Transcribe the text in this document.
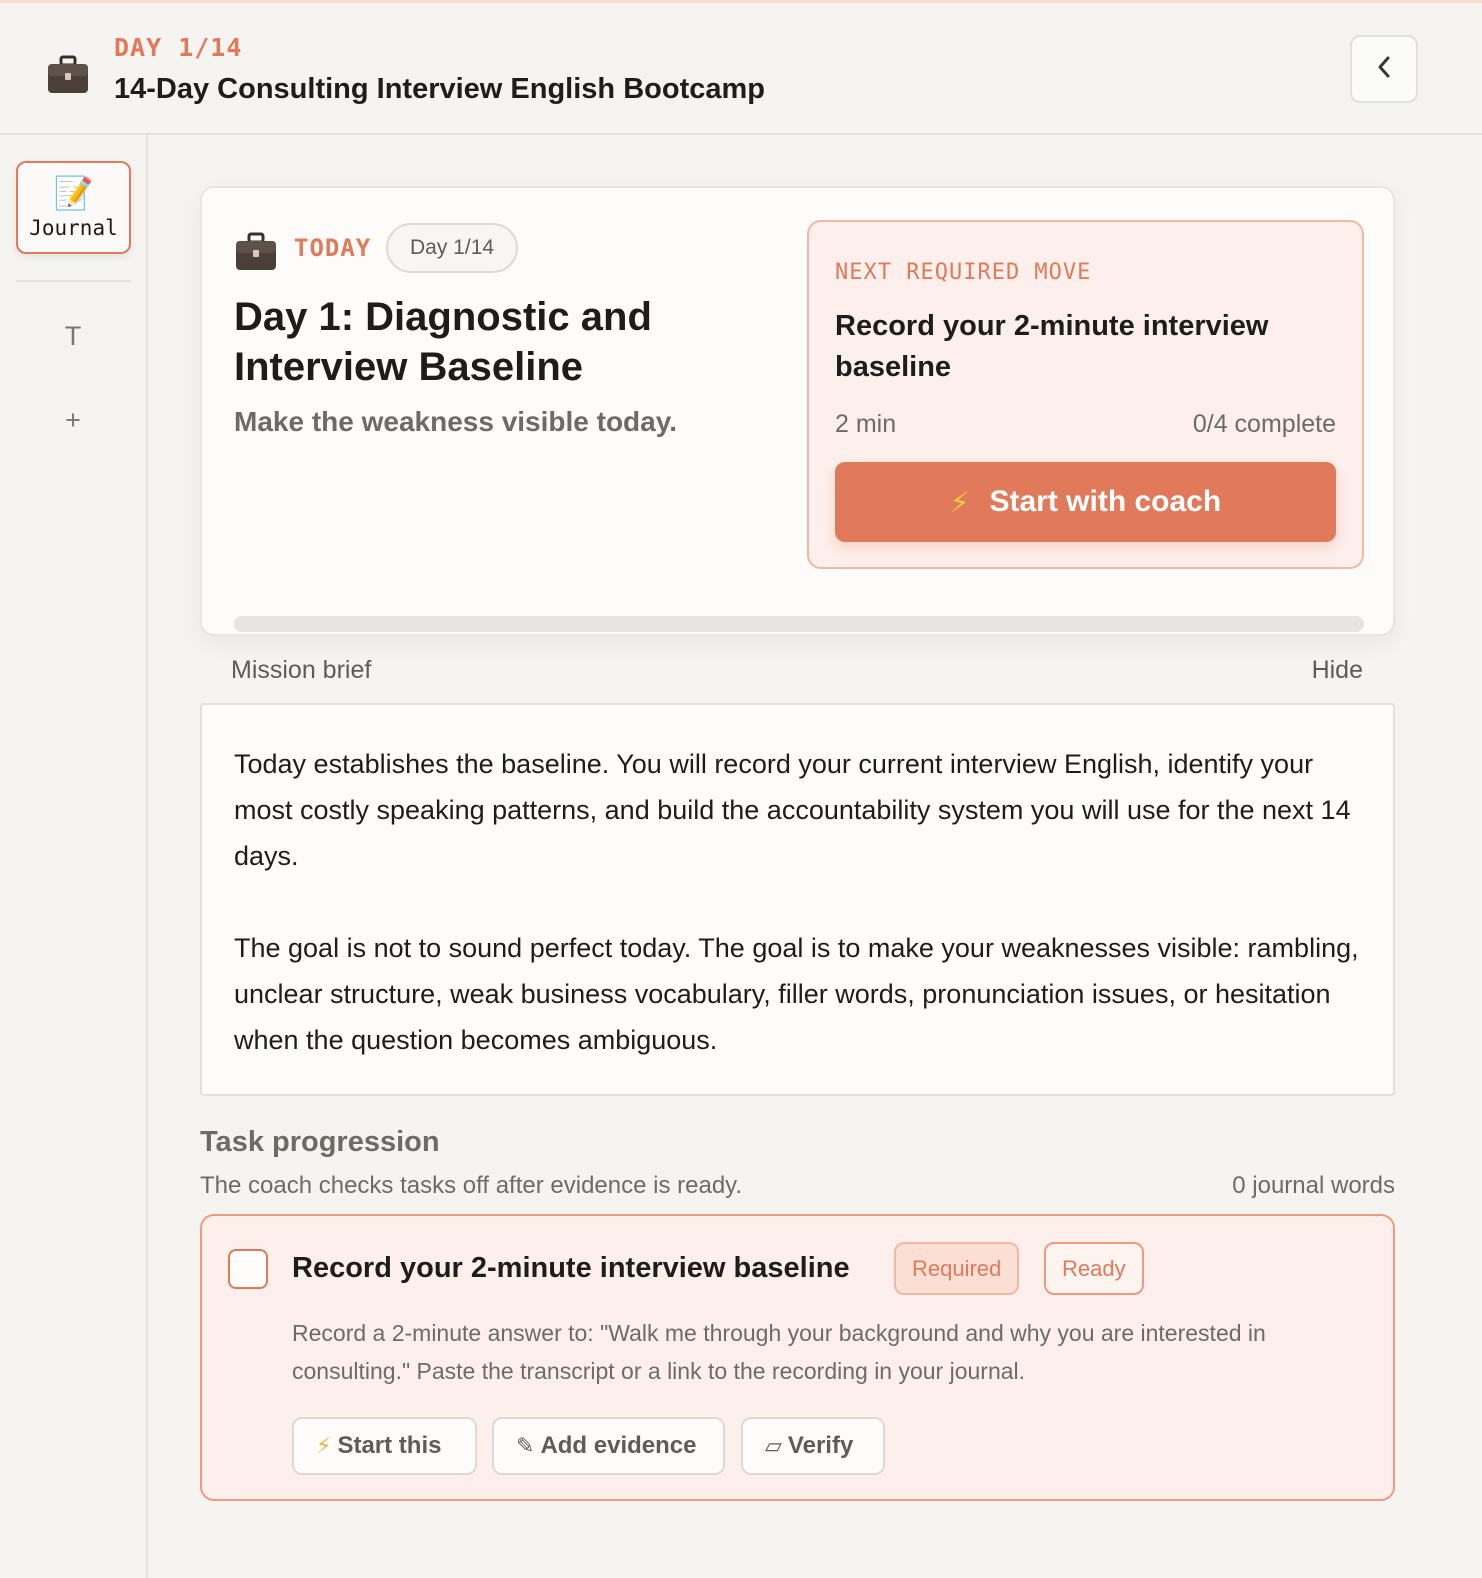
DAY 1/14
14-Day Consulting Interview English Bootcamp
📝
Journal
T
+
TODAY	Day 1/14
Day 1: Diagnostic and Interview Baseline
Make the weakness visible today.
NEXT REQUIRED MOVE
Record your 2-minute interview baseline
2 min	0/4 complete
⚡ Start with coach
Mission brief	Hide

Today establishes the baseline. You will record your current interview English, identify your most costly speaking patterns, and build the accountability system you will use for the next 14 days.

The goal is not to sound perfect today. The goal is to make your weaknesses visible: rambling, unclear structure, weak business vocabulary, filler words, pronunciation issues, or hesitation when the question becomes ambiguous.

Task progression
The coach checks tasks off after evidence is ready.	0 journal words
Record your 2-minute interview baseline	Required	Ready
Record a 2-minute answer to: "Walk me through your background and why you are interested in consulting." Paste the transcript or a link to the recording in your journal.
⚡ Start this	✎ Add evidence	▱ Verify
